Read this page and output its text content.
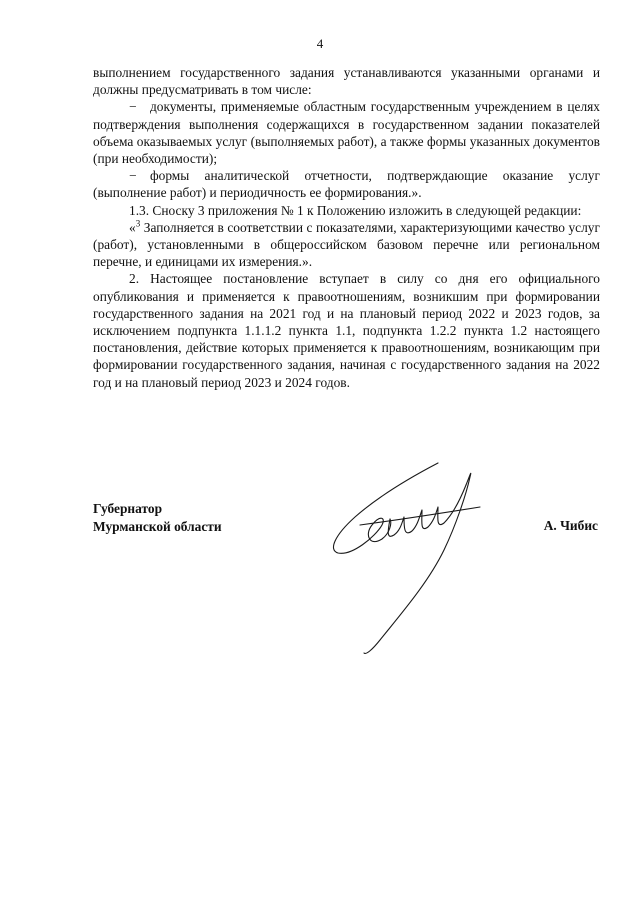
4

выполнением государственного задания устанавливаются указанными органами и должны предусматривать в том числе:

− документы, применяемые областным государственным учреждением в целях подтверждения выполнения содержащихся в государственном задании показателей объема оказываемых услуг (выполняемых работ), а также формы указанных документов (при необходимости);

− формы аналитической отчетности, подтверждающие оказание услуг (выполнение работ) и периодичность ее формирования.».

1.3. Сноску 3 приложения № 1 к Положению изложить в следующей редакции:

«$^3$ Заполняется в соответствии с показателями, характеризующими качество услуг (работ), установленными в общероссийском базовом перечне или региональном перечне, и единицами их измерения.».

2. Настоящее постановление вступает в силу со дня его официального опубликования и применяется к правоотношениям, возникшим при формировании государственного задания на 2021 год и на плановый период 2022 и 2023 годов, за исключением подпункта 1.1.1.2 пункта 1.1, подпункта 1.2.2 пункта 1.2 настоящего постановления, действие которых применяется к правоотношениям, возникающим при формировании государственного задания, начиная с государственного задания на 2022 год и на плановый период 2023 и 2024 годов.

Губернатор
Мурманской области	А. Чибис
